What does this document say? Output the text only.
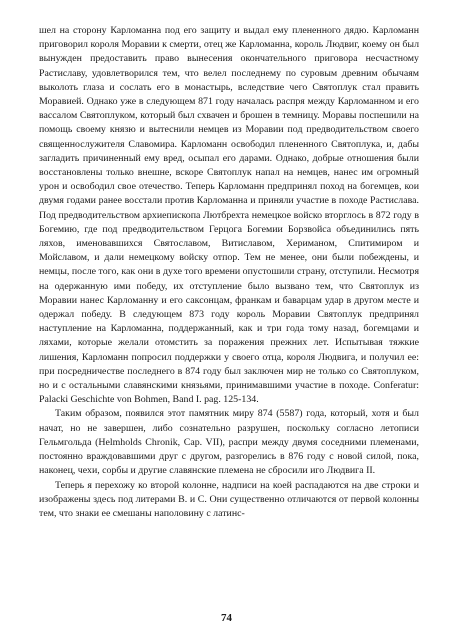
шел на сторону Карломанна под его защиту и выдал ему плененного дядю. Карломанн приговорил короля Моравии к смерти, отец же Карломанна, король Людвиг, коему он был вынужден предоставить право вынесения окончательного приговора несчастному Растиславу, удовлетворился тем, что велел последнему по суровым древним обычаям выколоть глаза и сослать его в монастырь, вследствие чего Святоплук стал править Моравией. Однако уже в следующем 871 году началась распря между Карломанном и его вассалом Святоплуком, который был схвачен и брошен в темницу. Моравы поспешили на помощь своему князю и вытеснили немцев из Моравии под предводительством своего священнослужителя Славомира. Карломанн освободил плененного Святоплука, и, дабы загладить причиненный ему вред, осыпал его дарами. Однако, добрые отношения были восстановлены только внешне, вскоре Святоплук напал на немцев, нанес им огромный урон и освободил свое отечество. Теперь Карломанн предпринял поход на богемцев, кои двумя годами ранее восстали против Карломанна и приняли участие в походе Растислава. Под предводительством архиепископа Лютбрехта немецкое войско вторглось в 872 году в Богемию, где под предводительством Герцога Богемии Борзвойса объединились пять ляхов, именовавшихся Святославом, Витиславом, Хериманом, Спитимиром и Мойславом, и дали немецкому войску отпор. Тем не менее, они были побеждены, и немцы, после того, как они в духе того времени опустошили страну, отступили. Несмотря на одержанную ими победу, их отступление было вызвано тем, что Святоплук из Моравии нанес Карломанну и его саксонцам, франкам и баварцам удар в другом месте и одержал победу. В следующем 873 году король Моравии Святоплук предпринял наступление на Карломанна, поддержанный, как и три года тому назад, богемцами и ляхами, которые желали отомстить за поражения прежних лет. Испытывая тяжкие лишения, Карломанн попросил поддержки у своего отца, короля Людвига, и получил ее: при посредничестве последнего в 874 году был заключен мир не только со Святоплуком, но и с остальными славянскими князьями, принимавшими участие в походе. Conferatur: Palacki Geschichte von Bohmen, Band I. pag. 125-134.

Таким образом, появился этот памятник миру 874 (5587) года, который, хотя и был начат, но не завершен, либо сознательно разрушен, поскольку согласно летописи Гельмгольда (Helmholds Chronik, Cap. VII), распри между двумя соседними племенами, постоянно враждовавшими друг с другом, разгорелись в 876 году с новой силой, пока, наконец, чехи, сорбы и другие славянские племена не сбросили иго Людвига II.

Теперь я перехожу ко второй колонне, надписи на коей распадаются на две строки и изображены здесь под литерами B. и C. Они существенно отличаются от первой колонны тем, что знаки ее смешаны наполовину с латинс-

74
